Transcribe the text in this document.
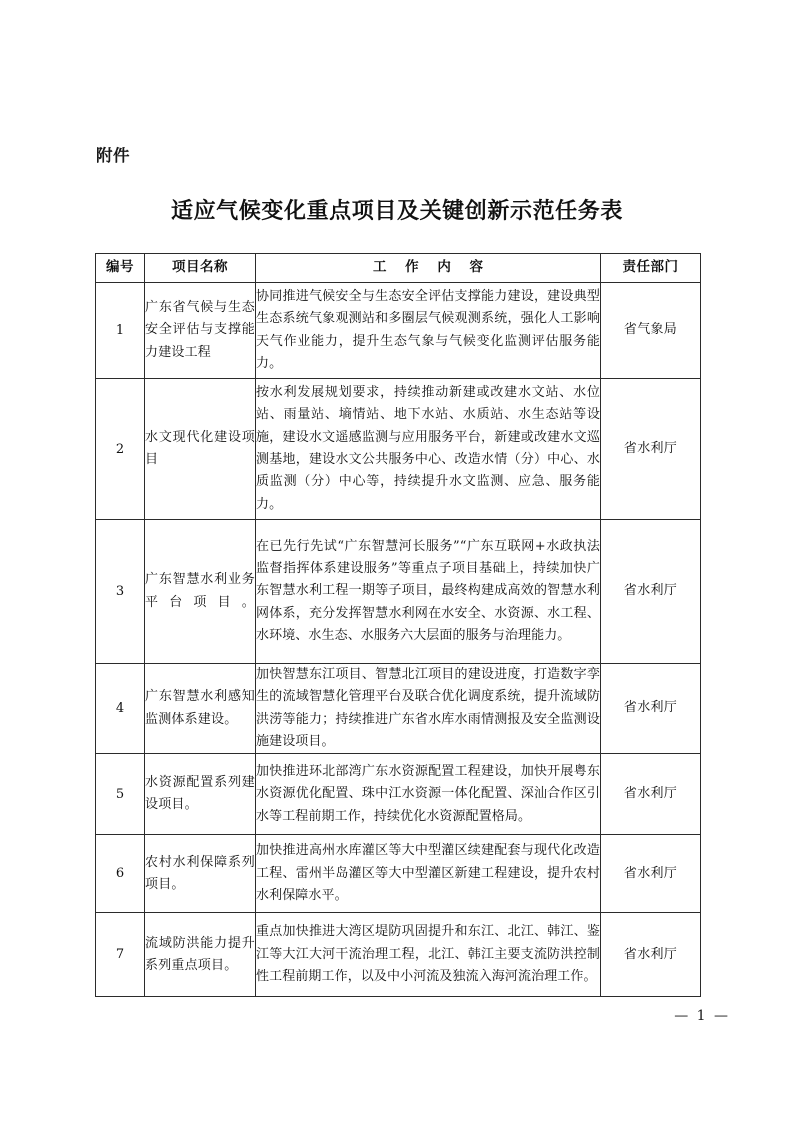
附件
适应气候变化重点项目及关键创新示范任务表
编号	项目名称	工 作 内 容	责任部门
1	广东省气候与生态安全评估与支撑能力建设工程	协同推进气候安全与生态安全评估支撑能力建设，建设典型生态系统气象观测站和多圈层气候观测系统，强化人工影响天气作业能力，提升生态气象与气候变化监测评估服务能力。	省气象局
2	水文现代化建设项目	按水利发展规划要求，持续推动新建或改建水文站、水位站、雨量站、墒情站、地下水站、水质站、水生态站等设施，建设水文遥感监测与应用服务平台，新建或改建水文巡测基地，建设水文公共服务中心、改造水情（分）中心、水质监测（分）中心等，持续提升水文监测、应急、服务能力。	省水利厅
3	广东智慧水利业务平台项目。	在已先行先试“广东智慧河长服务”“广东互联网+水政执法监督指挥体系建设服务”等重点子项目基础上，持续加快广东智慧水利工程一期等子项目，最终构建成高效的智慧水利网体系，充分发挥智慧水利网在水安全、水资源、水工程、水环境、水生态、水服务六大层面的服务与治理能力。	省水利厅
4	广东智慧水利感知监测体系建设。	加快智慧东江项目、智慧北江项目的建设进度，打造数字孪生的流域智慧化管理平台及联合优化调度系统，提升流域防洪涝等能力；持续推进广东省水库水雨情测报及安全监测设施建设项目。	省水利厅
5	水资源配置系列建设项目。	加快推进环北部湾广东水资源配置工程建设，加快开展粤东水资源优化配置、珠中江水资源一体化配置、深汕合作区引水等工程前期工作，持续优化水资源配置格局。	省水利厅
6	农村水利保障系列项目。	加快推进高州水库灌区等大中型灌区续建配套与现代化改造工程、雷州半岛灌区等大中型灌区新建工程建设，提升农村水利保障水平。	省水利厅
7	流域防洪能力提升系列重点项目。	重点加快推进大湾区堤防巩固提升和东江、北江、韩江、鉴江等大江大河干流治理工程，北江、韩江主要支流防洪控制性工程前期工作，以及中小河流及独流入海河流治理工作。	省水利厅
— 1 —
